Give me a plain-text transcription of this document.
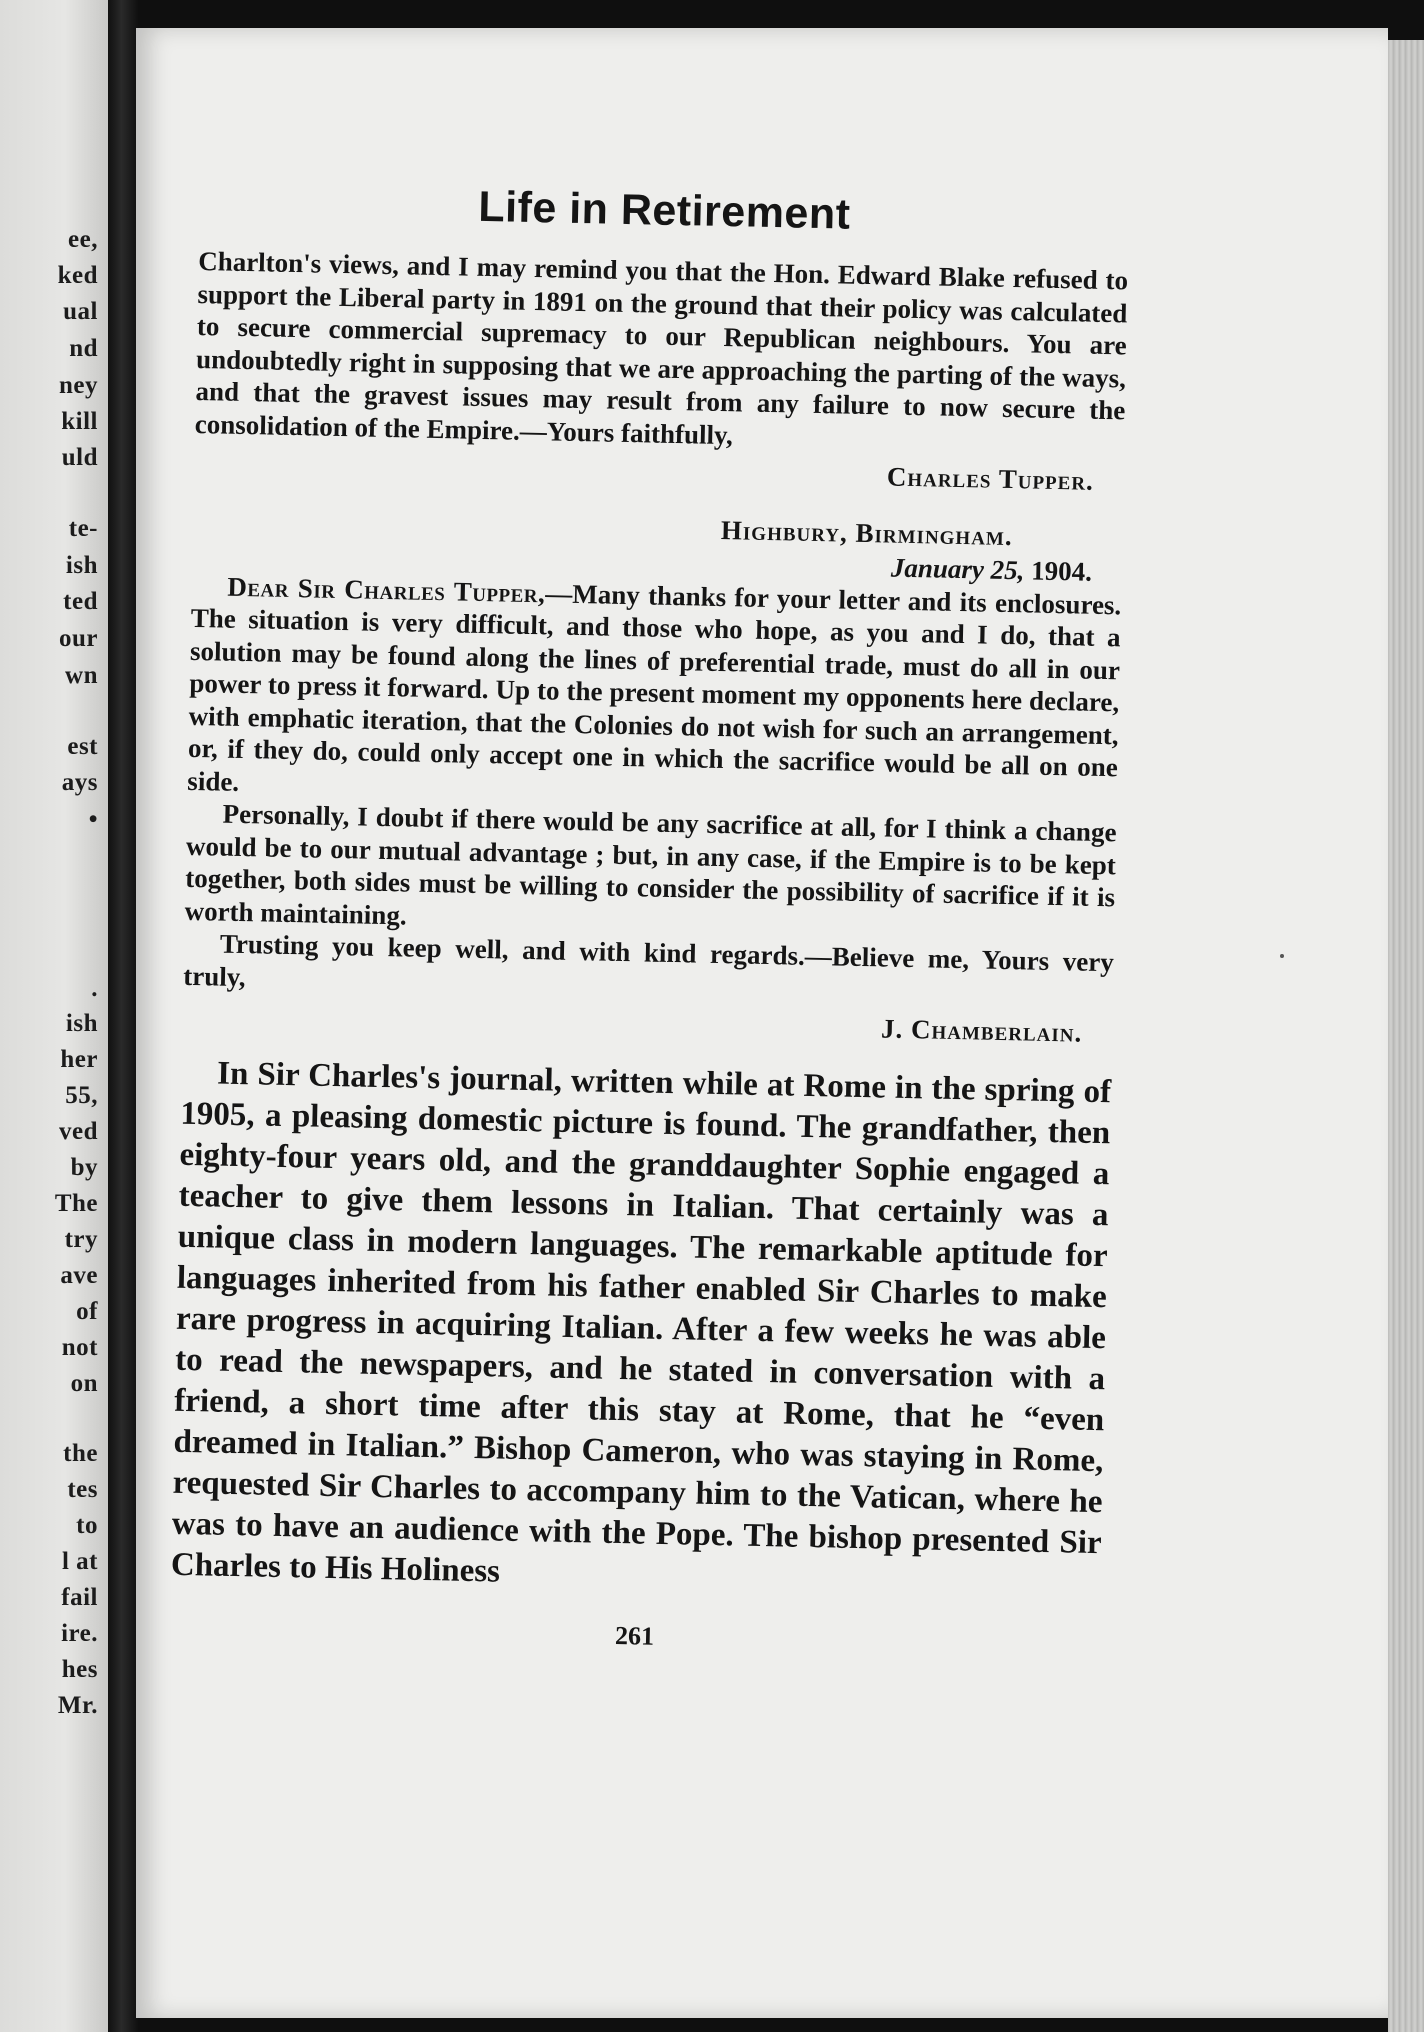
ee,
ked
ual
nd
ney
kill
uld
te-
ish
ted
our
wn
est
ays
•
.
ish
her
55,
ved
by
The
try
ave
of
not
on
the
tes
to
l at
fail
ire.
hes
Mr.
Life in Retirement

Charlton's views, and I may remind you that the Hon. Edward Blake refused to support the Liberal party in 1891 on the ground that their policy was calculated to secure commercial supremacy to our Republican neighbours. You are undoubtedly right in supposing that we are approaching the parting of the ways, and that the gravest issues may result from any failure to now secure the consolidation of the Empire.—Yours faithfully,

Charles Tupper.
Highbury, Birmingham.
January 25, 1904.

Dear Sir Charles Tupper,—Many thanks for your letter and its enclosures. The situation is very difficult, and those who hope, as you and I do, that a solution may be found along the lines of preferential trade, must do all in our power to press it forward. Up to the present moment my opponents here declare, with emphatic iteration, that the Colonies do not wish for such an arrangement, or, if they do, could only accept one in which the sacrifice would be all on one side.

Personally, I doubt if there would be any sacrifice at all, for I think a change would be to our mutual advantage ; but, in any case, if the Empire is to be kept together, both sides must be willing to consider the possibility of sacrifice if it is worth maintaining.

Trusting you keep well, and with kind regards.—Believe me, Yours very truly,

J. Chamberlain.

In Sir Charles's journal, written while at Rome in the spring of 1905, a pleasing domestic picture is found. The grandfather, then eighty-four years old, and the granddaughter Sophie engaged a teacher to give them lessons in Italian. That certainly was a unique class in modern languages. The remarkable aptitude for languages inherited from his father enabled Sir Charles to make rare progress in acquiring Italian. After a few weeks he was able to read the newspapers, and he stated in conversation with a friend, a short time after this stay at Rome, that he “even dreamed in Italian.” Bishop Cameron, who was staying in Rome, requested Sir Charles to accompany him to the Vatican, where he was to have an audience with the Pope. The bishop presented Sir Charles to His Holiness

261
